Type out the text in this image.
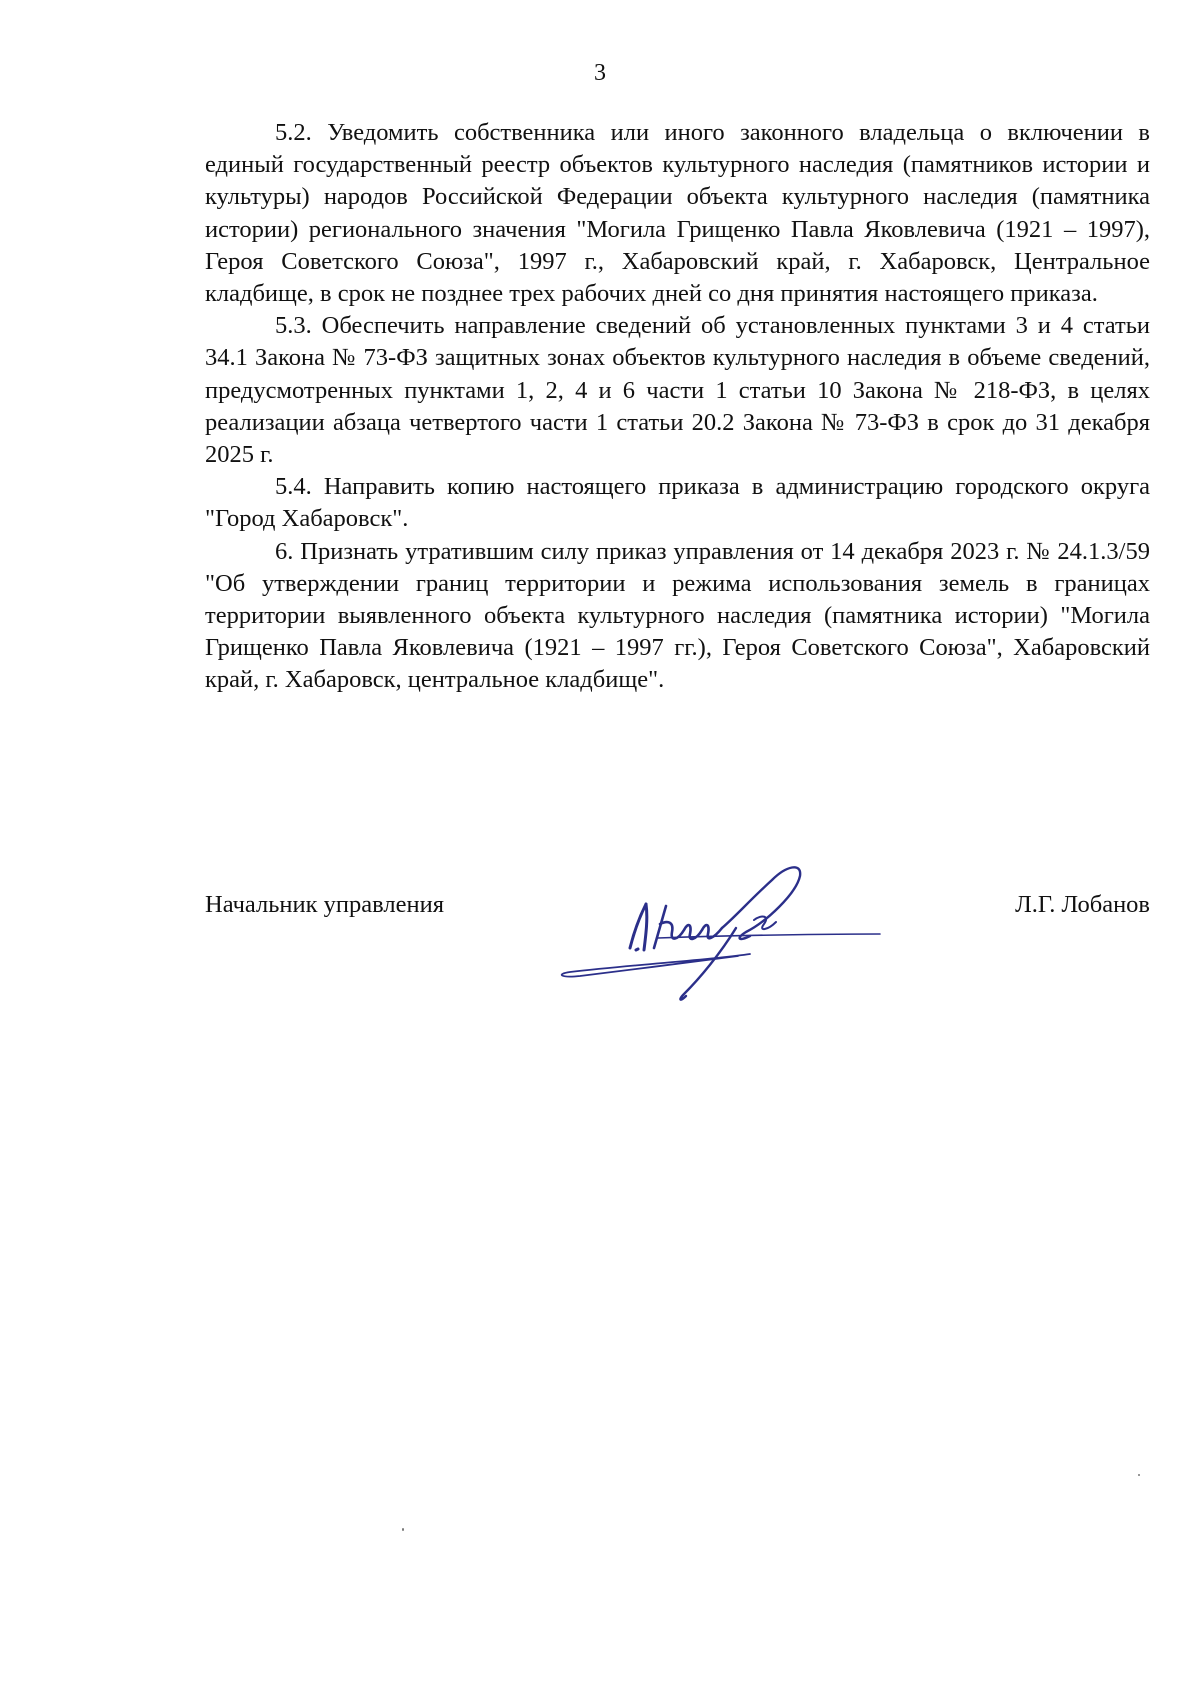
3

5.2. Уведомить собственника или иного законного владельца о включении в единый государственный реестр объектов культурного наследия (памятников истории и культуры) народов Российской Федерации объекта культурного наследия (памятника истории) регионального значения "Могила Грищенко Павла Яковлевича (1921 – 1997), Героя Советского Союза", 1997 г., Хабаровский край, г. Хабаровск, Центральное кладбище, в срок не позднее трех рабочих дней со дня принятия настоящего приказа.

5.3. Обеспечить направление сведений об установленных пунктами 3 и 4 статьи 34.1 Закона № 73-ФЗ защитных зонах объектов культурного наследия в объеме сведений, предусмотренных пунктами 1, 2, 4 и 6 части 1 статьи 10 Закона № 218-ФЗ, в целях реализации абзаца четвертого части 1 статьи 20.2 Закона № 73-ФЗ в срок до 31 декабря 2025 г.

5.4. Направить копию настоящего приказа в администрацию городского округа "Город Хабаровск".

6. Признать утратившим силу приказ управления от 14 декабря 2023 г. № 24.1.3/59 "Об утверждении границ территории и режима использования земель в границах территории выявленного объекта культурного наследия (памятника истории) "Могила Грищенко Павла Яковлевича (1921 – 1997 гг.), Героя Советского Союза", Хабаровский край, г. Хабаровск, центральное кладбище".

Начальник управления	Л.Г. Лобанов
